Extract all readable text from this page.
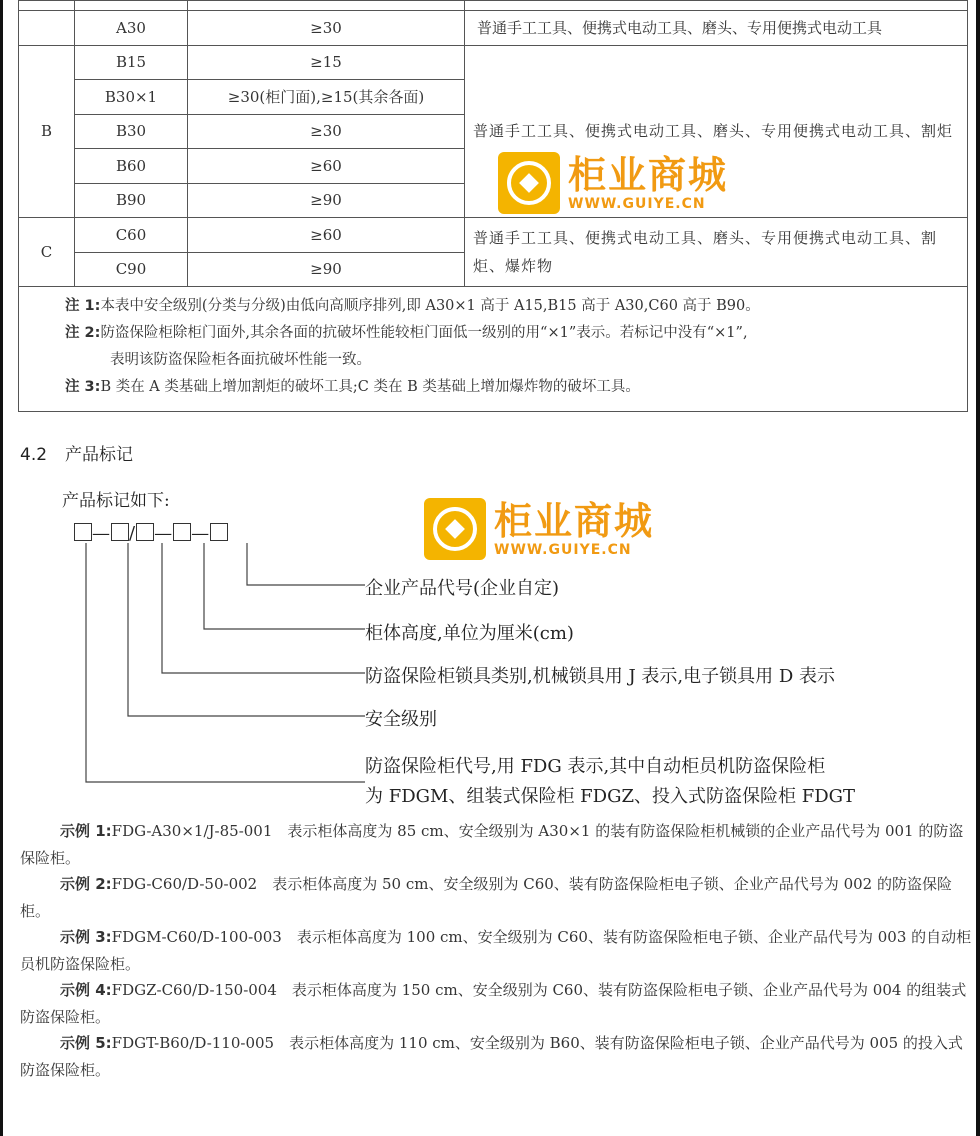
	A30	≥30	普通手工工具、便携式电动工具、磨头、专用便携式电动工具
B	B15	≥15	普通手工工具、便携式电动工具、磨头、专用便携式电动工具、割炬
	B30×1	≥30(柜门面),≥15(其余各面)	
	B30	≥30	
	B60	≥60	
	B90	≥90	
C	C60	≥60	普通手工工具、便携式电动工具、磨头、专用便携式电动工具、割炬、爆炸物
	C90	≥90	

注 1:本表中安全级别(分类与分级)由低向高顺序排列,即 A30×1 高于 A15,B15 高于 A30,C60 高于 B90。
注 2:防盗保险柜除柜门面外,其余各面的抗破坏性能较柜门面低一级别的用“×1”表示。若标记中没有“×1”,
表明该防盗保险柜各面抗破坏性能一致。
注 3:B 类在 A 类基础上增加割炬的破坏工具;C 类在 B 类基础上增加爆炸物的破坏工具。			
4.2 产品标记
产品标记如下:
— / — —
企业产品代号(企业自定)
柜体高度,单位为厘米(cm)
防盗保险柜锁具类别,机械锁具用 J 表示,电子锁具用 D 表示
安全级别
防盗保险柜代号,用 FDG 表示,其中自动柜员机防盗保险柜
为 FDGM、组装式保险柜 FDGZ、投入式防盗保险柜 FDGT

示例 1:FDG-A30×1/J-85-001　表示柜体高度为 85 cm、安全级别为 A30×1 的装有防盗保险柜机械锁的企业产品代号为 001 的防盗保险柜。

示例 2:FDG-C60/D-50-002　表示柜体高度为 50 cm、安全级别为 C60、装有防盗保险柜电子锁、企业产品代号为 002 的防盗保险柜。

示例 3:FDGM-C60/D-100-003　表示柜体高度为 100 cm、安全级别为 C60、装有防盗保险柜电子锁、企业产品代号为 003 的自动柜员机防盗保险柜。

示例 4:FDGZ-C60/D-150-004　表示柜体高度为 150 cm、安全级别为 C60、装有防盗保险柜电子锁、企业产品代号为 004 的组装式防盗保险柜。

示例 5:FDGT-B60/D-110-005　表示柜体高度为 110 cm、安全级别为 B60、装有防盗保险柜电子锁、企业产品代号为 005 的投入式防盗保险柜。

柜业商城
WWW.GUIYE.CN
柜业商城
WWW.GUIYE.CN
